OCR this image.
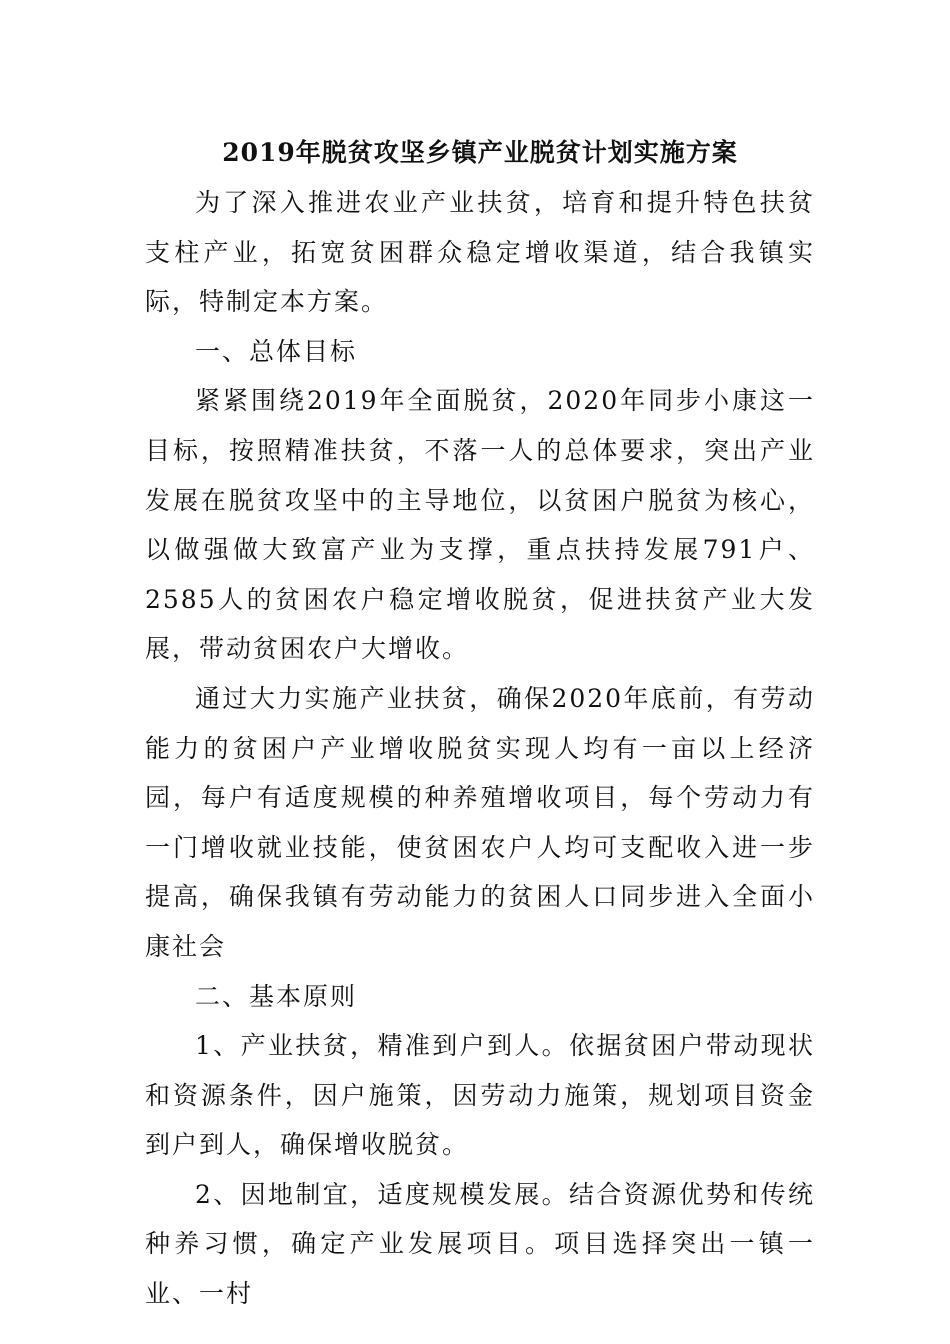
2019年脱贫攻坚乡镇产业脱贫计划实施方案

为了深入推进农业产业扶贫，培育和提升特色扶贫支柱产业，拓宽贫困群众稳定增收渠道，结合我镇实际，特制定本方案。

一、总体目标

紧紧围绕2019年全面脱贫，2020年同步小康这一目标，按照精准扶贫，不落一人的总体要求，突出产业发展在脱贫攻坚中的主导地位，以贫困户脱贫为核心，以做强做大致富产业为支撑，重点扶持发展791户、2585人的贫困农户稳定增收脱贫，促进扶贫产业大发展，带动贫困农户大增收。

通过大力实施产业扶贫，确保2020年底前，有劳动能力的贫困户产业增收脱贫实现人均有一亩以上经济园，每户有适度规模的种养殖增收项目，每个劳动力有一门增收就业技能，使贫困农户人均可支配收入进一步提高，确保我镇有劳动能力的贫困人口同步进入全面小康社会

二、基本原则

1、产业扶贫，精准到户到人。依据贫困户带动现状和资源条件，因户施策，因劳动力施策，规划项目资金到户到人，确保增收脱贫。

2、因地制宜，适度规模发展。结合资源优势和传统种养习惯，确定产业发展项目。项目选择突出一镇一业、一村
